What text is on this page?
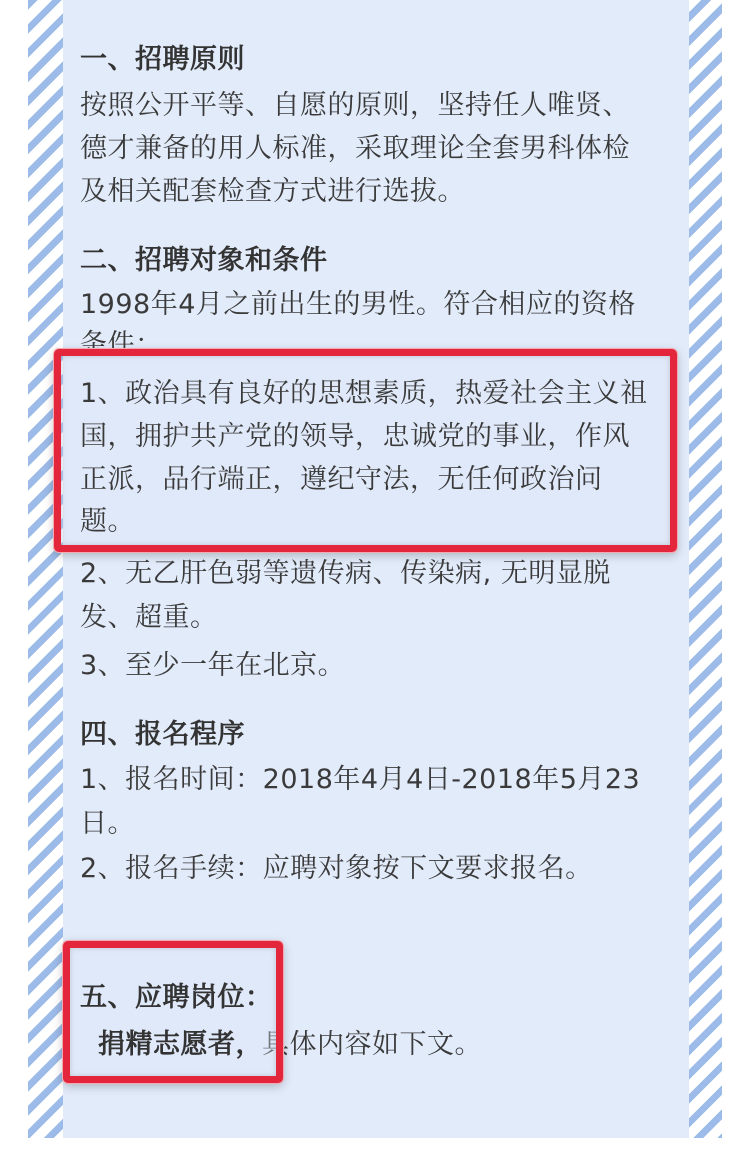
一、招聘原则

按照公开平等、自愿的原则，坚持任人唯贤、

德才兼备的用人标准，采取理论全套男科体检

及相关配套检查方式进行选拔。

二、招聘对象和条件

1998年4月之前出生的男性。符合相应的资格

条件：

1、政治具有良好的思想素质，热爱社会主义祖

国，拥护共产党的领导，忠诚党的事业，作风

正派，品行端正，遵纪守法，无任何政治问

题。

2、无乙肝色弱等遗传病、传染病, 无明显脱

发、超重。

3、至少一年在北京。

四、报名程序

1、报名时间：2018年4月4日-2018年5月23

日。

2、报名手续：应聘对象按下文要求报名。

具体内容如下文。

五、应聘岗位：

捐精志愿者，
